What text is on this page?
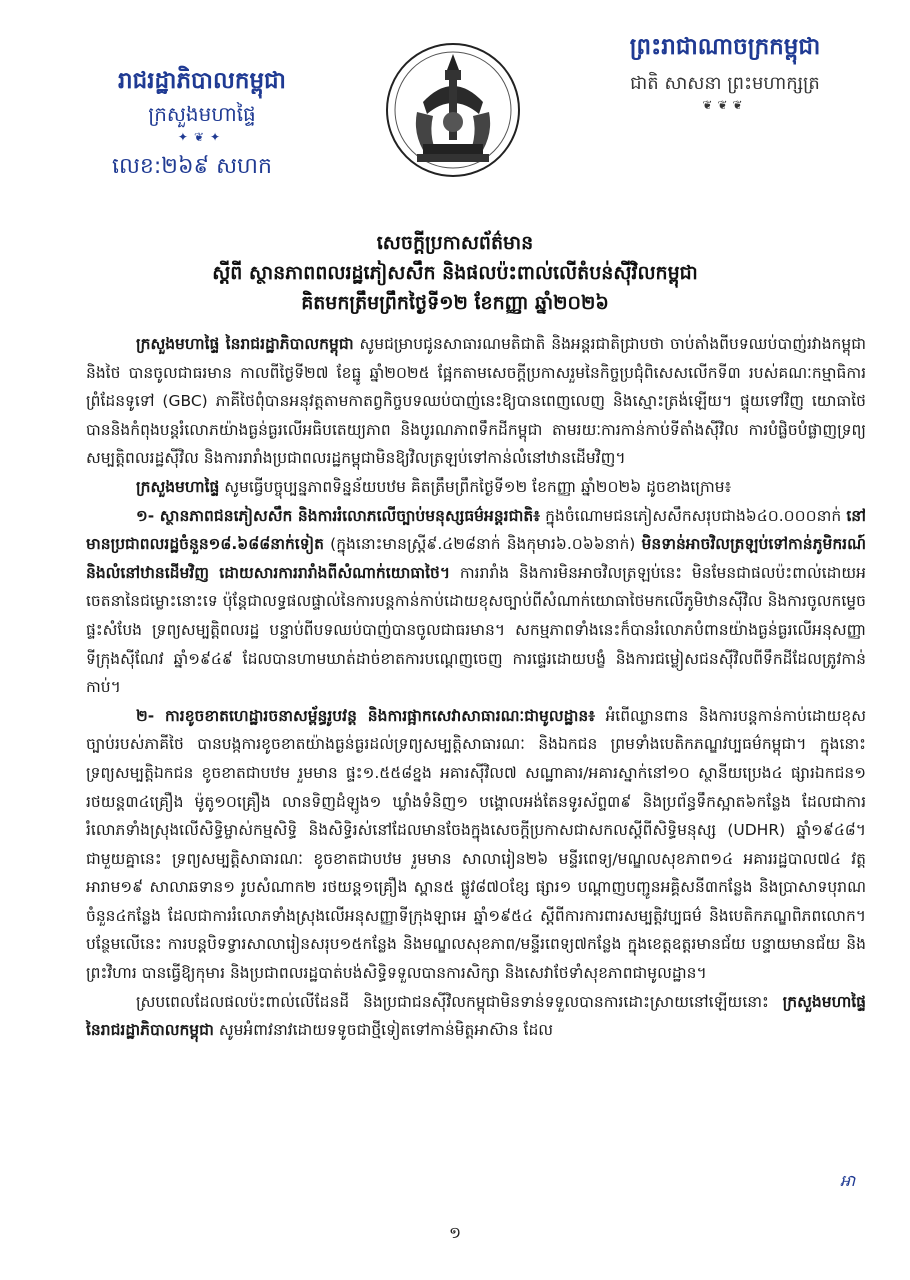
រាជរដ្ឋាភិបាលកម្ពុជា
ក្រសួងមហាផ្ទៃ
✦❦✦
លេខ:២៦៩ សហក
ព្រះរាជាណាចក្រកម្ពុជា
ជាតិ សាសនា ព្រះមហាក្សត្រ
❦❦❦
សេចក្តីប្រកាសព័ត៌មាន
ស្តីពី ស្ថានភាពពលរដ្ឋភៀសសឹក និងផលប៉ះពាល់លើតំបន់ស៊ីវិលកម្ពុជា
គិតមកត្រឹមព្រឹកថ្ងៃទី១២ ខែកញ្ញា ឆ្នាំ២០២៦

ក្រសួងមហាផ្ទៃ នៃរាជរដ្ឋាភិបាលកម្ពុជា សូមជម្រាបជូនសាធារណមតិជាតិ និងអន្តរជាតិជ្រាបថា ចាប់តាំងពីបទឈប់បាញ់រវាងកម្ពុជា និងថៃ បានចូលជាធរមាន កាលពីថ្ងៃទី២៧ ខែធ្នូ ឆ្នាំ២០២៥ ផ្អែកតាមសេចក្តីប្រកាសរួមនៃកិច្ចប្រជុំពិសេសលើកទី៣ របស់គណៈកម្មាធិការព្រំដែនទូទៅ (GBC) ភាគីថៃពុំបានអនុវត្តតាមកាតព្វកិច្ចបទឈប់បាញ់នេះឱ្យបានពេញលេញ និងស្មោះត្រង់ឡើយ។ ផ្ទុយទៅវិញ យោធាថៃបាននិងកំពុងបន្តរំលោភយ៉ាងធ្ងន់ធ្ងរលើអធិបតេយ្យភាព និងបូរណភាពទឹកដីកម្ពុជា តាមរយៈការកាន់កាប់ទីតាំងស៊ីវិល ការបំផ្លិចបំផ្លាញទ្រព្យសម្បត្តិពលរដ្ឋស៊ីវិល និងការរារាំងប្រជាពលរដ្ឋកម្ពុជាមិនឱ្យវិលត្រឡប់ទៅកាន់លំនៅឋានដើមវិញ។

ក្រសួងមហាផ្ទៃ សូមធ្វើបច្ចុប្បន្នភាពទិន្នន័យបឋម គិតត្រឹមព្រឹកថ្ងៃទី១២ ខែកញ្ញា ឆ្នាំ២០២៦ ដូចខាងក្រោម៖

១- ស្ថានភាពជនភៀសសឹក និងការរំលោភលើច្បាប់មនុស្សធម៌អន្តរជាតិ៖ ក្នុងចំណោមជនភៀសសឹកសរុបជាង៦៤០.០០០នាក់ នៅមានប្រជាពលរដ្ឋចំនួន១៨.៦៨៨នាក់ទៀត (ក្នុងនោះមានស្ត្រី៩.៤២៨នាក់ និងកុមារ៦.០៦៦នាក់) មិនទាន់អាចវិលត្រឡប់ទៅកាន់ភូមិករណ៍ និងលំនៅឋានដើមវិញ ដោយសារការរារាំងពីសំណាក់យោធាថៃ។ ការរារាំង និងការមិនអាចវិលត្រឡប់នេះ មិនមែនជាផលប៉ះពាល់ដោយអចេតនានៃជម្លោះនោះទេ ប៉ុន្តែជាលទ្ធផលផ្ទាល់នៃការបន្តកាន់កាប់ដោយខុសច្បាប់ពីសំណាក់យោធាថៃមកលើភូមិឋានស៊ីវិល និងការចូលកម្ទេចផ្ទះសំបែង ទ្រព្យសម្បត្តិពលរដ្ឋ បន្ទាប់ពីបទឈប់បាញ់បានចូលជាធរមាន។ សកម្មភាពទាំងនេះក៏បានរំលោភបំពានយ៉ាងធ្ងន់ធ្ងរលើអនុសញ្ញាទីក្រុងស៊ីណែវ ឆ្នាំ១៩៤៩ ដែលបានហាមឃាត់ដាច់ខាតការបណ្តេញចេញ ការផ្ទេរដោយបង្ខំ និងការជម្លៀសជនស៊ីវិលពីទឹកដីដែលត្រូវកាន់កាប់។

២- ការខូចខាតហេដ្ឋារចនាសម្ព័ន្ធរូបវន្ត និងការផ្អាកសេវាសាធារណៈជាមូលដ្ឋាន៖ អំពើឈ្លានពាន និងការបន្តកាន់កាប់ដោយខុសច្បាប់របស់ភាគីថៃ បានបង្កការខូចខាតយ៉ាងធ្ងន់ធ្ងរដល់ទ្រព្យសម្បត្តិសាធារណៈ និងឯកជន ព្រមទាំងបេតិកភណ្ឌវប្បធម៌កម្ពុជា។ ក្នុងនោះ ទ្រព្យសម្បត្តិឯកជន ខូចខាតជាបឋម រួមមាន ផ្ទះ១.៥៥៨ខ្នង អគារស៊ីវិល៧ សណ្ឋាគារ/អគារស្នាក់នៅ១០ ស្ថានីយប្រេង៤ ផ្សារឯកជន១ រថយន្ត៣៤គ្រឿង ម៉ូតូ១០គ្រឿង លានទិញដំឡូង១ ឃ្លាំងទំនិញ១ បង្គោលអង់តែនទូរស័ព្ទ៣៩ និងប្រព័ន្ធទឹកស្អាត៦កន្លែង ដែលជាការរំលោភទាំងស្រុងលើសិទ្ធិម្ចាស់កម្មសិទ្ធិ និងសិទ្ធិរស់នៅដែលមានចែងក្នុងសេចក្តីប្រកាសជាសកលស្តីពីសិទ្ធិមនុស្ស (UDHR) ឆ្នាំ១៩៤៨។ ជាមួយគ្នានេះ ទ្រព្យសម្បត្តិសាធារណៈ ខូចខាតជាបឋម រួមមាន សាលារៀន២៦ មន្ទីរពេទ្យ/មណ្ឌលសុខភាព១៤ អគាររដ្ឋបាល៧៤ វត្តអារាម១៩ សាលាឆទាន១ រូបសំណាក២ រថយន្ត១គ្រឿង ស្ពាន៥ ផ្លូវ៨៧០ខ្សែ ផ្សារ១ បណ្តាញបញ្ជូនអគ្គិសនី៣កន្លែង និងប្រាសាទបុរាណចំនួន៤កន្លែង ដែលជាការរំលោភទាំងស្រុងលើអនុសញ្ញាទីក្រុងឡាអេ ឆ្នាំ១៩៥៤ ស្តីពីការការពារសម្បត្តិវប្បធម៌ និងបេតិកភណ្ឌពិភពលោក។ បន្ថែមលើនេះ ការបន្តបិទទ្វារសាលារៀនសរុប១៥កន្លែង និងមណ្ឌលសុខភាព/មន្ទីរពេទ្យ៧កន្លែង ក្នុងខេត្តឧត្តរមានជ័យ បន្ទាយមានជ័យ និងព្រះវិហារ បានធ្វើឱ្យកុមារ និងប្រជាពលរដ្ឋបាត់បង់សិទ្ធិទទួលបានការសិក្សា និងសេវាថែទាំសុខភាពជាមូលដ្ឋាន។

ស្របពេលដែលផលប៉ះពាល់លើដែនដី និងប្រជាជនស៊ីវិលកម្ពុជាមិនទាន់ទទួលបានការដោះស្រាយនៅឡើយនោះ ក្រសួងមហាផ្ទៃ នៃរាជរដ្ឋាភិបាលកម្ពុជា សូមអំពាវនាវដោយទទូចជាថ្មីទៀតទៅកាន់មិត្តអាស៊ាន ដែល

ឤ
១
